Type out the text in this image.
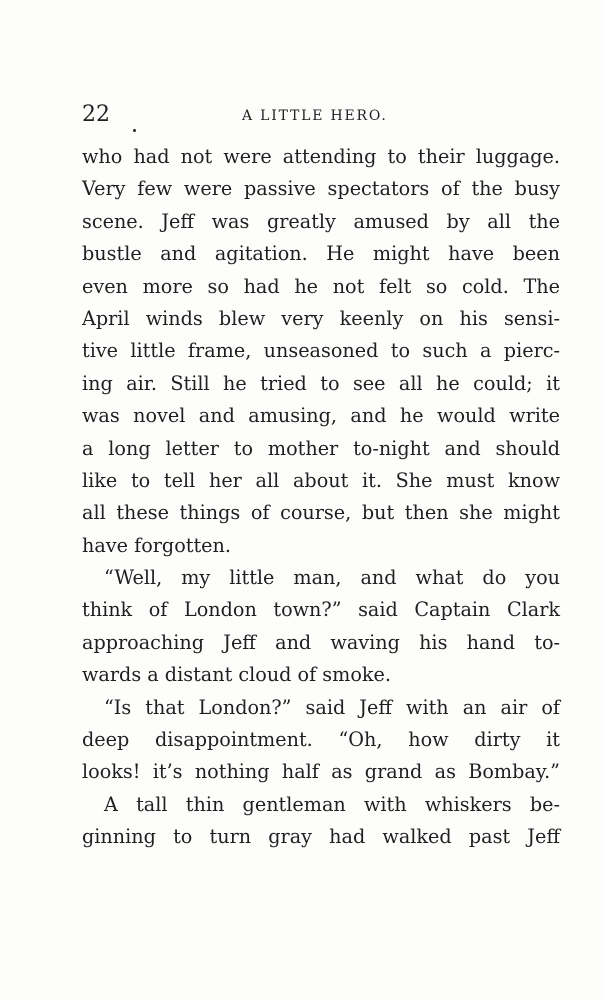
22	A LITTLE HERO.
who had not were attending to their luggage.
Very few were passive spectators of the busy
scene. Jeff was greatly amused by all the
bustle and agitation. He might have been
even more so had he not felt so cold. The
April winds blew very keenly on his sensi-
tive little frame, unseasoned to such a pierc-
ing air. Still he tried to see all he could; it
was novel and amusing, and he would write
a long letter to mother to-night and should
like to tell her all about it. She must know
all these things of course, but then she might
have forgotten.
“Well, my little man, and what do you
think of London town?” said Captain Clark
approaching Jeff and waving his hand to-
wards a distant cloud of smoke.
“Is that London?” said Jeff with an air of
deep disappointment. “Oh, how dirty it
looks! it’s nothing half as grand as Bombay.”
A tall thin gentleman with whiskers be-
ginning to turn gray had walked past Jeff
